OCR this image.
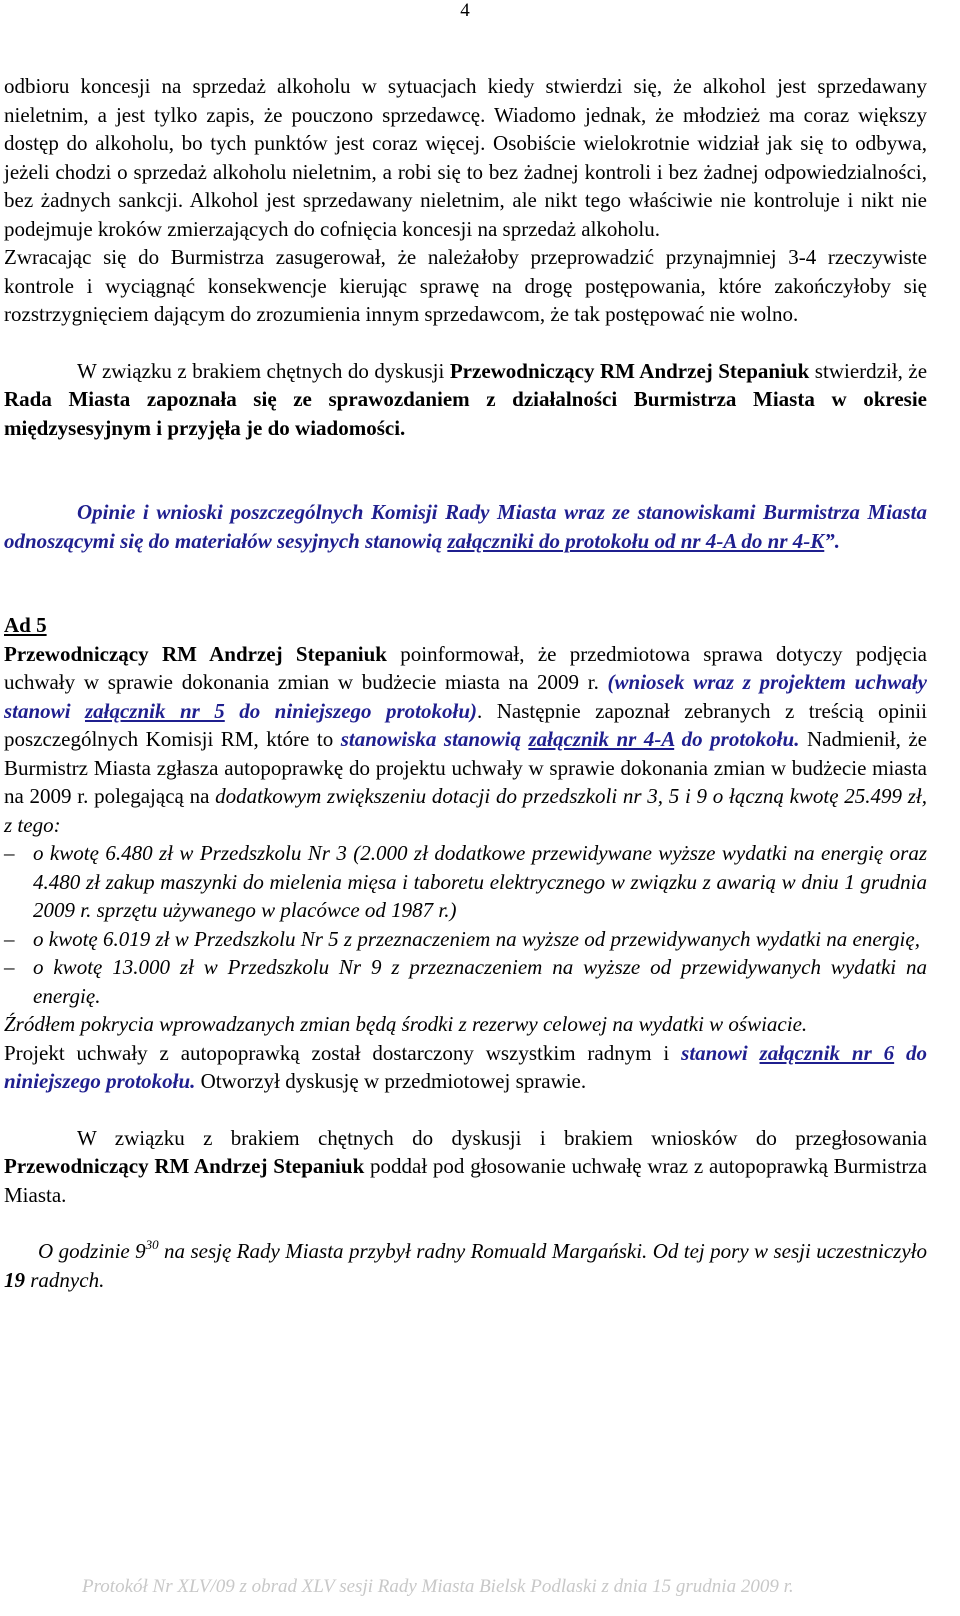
4

odbioru koncesji na sprzedaż alkoholu w sytuacjach kiedy stwierdzi się, że alkohol jest sprzedawany nieletnim, a jest tylko zapis, że pouczono sprzedawcę. Wiadomo jednak, że młodzież ma coraz większy dostęp do alkoholu, bo tych punktów jest coraz więcej. Osobiście wielokrotnie widział jak się to odbywa, jeżeli chodzi o sprzedaż alkoholu nieletnim, a robi się to bez żadnej kontroli i bez żadnej odpowiedzialności, bez żadnych sankcji. Alkohol jest sprzedawany nieletnim, ale nikt tego właściwie nie kontroluje i nikt nie podejmuje kroków zmierzających do cofnięcia koncesji na sprzedaż alkoholu.

Zwracając się do Burmistrza zasugerował, że należałoby przeprowadzić przynajmniej 3-4 rzeczywiste kontrole i wyciągnąć konsekwencje kierując sprawę na drogę postępowania, które zakończyłoby się rozstrzygnięciem dającym do zrozumienia innym sprzedawcom, że tak postępować nie wolno.

W związku z brakiem chętnych do dyskusji Przewodniczący RM Andrzej Stepaniuk stwierdził, że Rada Miasta zapoznała się ze sprawozdaniem z działalności Burmistrza Miasta w okresie międzysesyjnym i przyjęła je do wiadomości.

Opinie i wnioski poszczególnych Komisji Rady Miasta wraz ze stanowiskami Burmistrza Miasta odnoszącymi się do materiałów sesyjnych stanowią załączniki do protokołu od nr 4-A do nr 4-K”.

Ad 5

Przewodniczący RM Andrzej Stepaniuk poinformował, że przedmiotowa sprawa dotyczy podjęcia uchwały w sprawie dokonania zmian w budżecie miasta na 2009 r. (wniosek wraz z projektem uchwały stanowi załącznik nr 5 do niniejszego protokołu). Następnie zapoznał zebranych z treścią opinii poszczególnych Komisji RM, które to stanowiska stanowią załącznik nr 4-A do protokołu. Nadmienił, że Burmistrz Miasta zgłasza autopoprawkę do projektu uchwały w sprawie dokonania zmian w budżecie miasta na 2009 r. polegającą na dodatkowym zwiększeniu dotacji do przedszkoli nr 3, 5 i 9 o łączną kwotę 25.499 zł, z tego:

– o kwotę 6.480 zł w Przedszkolu Nr 3 (2.000 zł dodatkowe przewidywane wyższe wydatki na energię oraz 4.480 zł zakup maszynki do mielenia mięsa i taboretu elektrycznego w związku z awarią w dniu 1 grudnia 2009 r. sprzętu używanego w placówce od 1987 r.)
– o kwotę 6.019 zł w Przedszkolu Nr 5 z przeznaczeniem na wyższe od przewidywanych wydatki na energię,
– o kwotę 13.000 zł w Przedszkolu Nr 9 z przeznaczeniem na wyższe od przewidywanych wydatki na energię.

Źródłem pokrycia wprowadzanych zmian będą środki z rezerwy celowej na wydatki w oświacie.

Projekt uchwały z autopoprawką został dostarczony wszystkim radnym i stanowi załącznik nr 6 do niniejszego protokołu. Otworzył dyskusję w przedmiotowej sprawie.

W związku z brakiem chętnych do dyskusji i brakiem wniosków do przegłosowania Przewodniczący RM Andrzej Stepaniuk poddał pod głosowanie uchwałę wraz z autopoprawką Burmistrza Miasta.

O godzinie $9^{30}$ na sesję Rady Miasta przybył radny Romuald Margański. Od tej pory w sesji uczestniczyło 19 radnych.

Protokół Nr XLV/09 z obrad XLV sesji Rady Miasta Bielsk Podlaski z dnia 15 grudnia 2009 r.
